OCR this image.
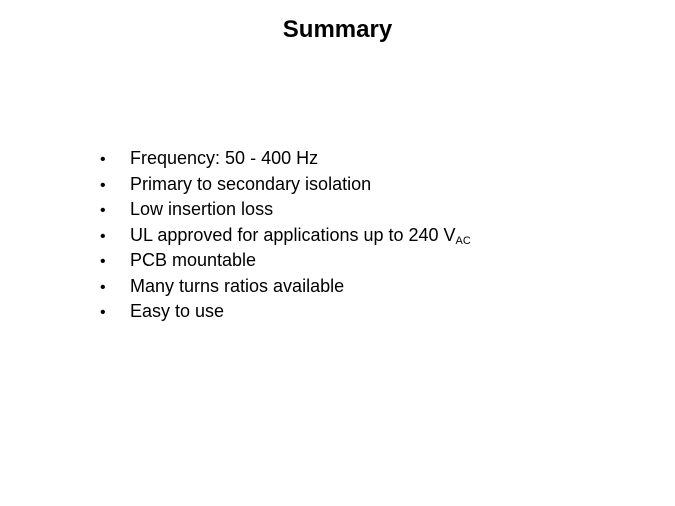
Summary
•	Frequency: 50 - 400 Hz
•	Primary to secondary isolation
•	Low insertion loss
•	UL approved for applications up to 240 $V_{AC}$
•	PCB mountable
•	Many turns ratios available
•	Easy to use
